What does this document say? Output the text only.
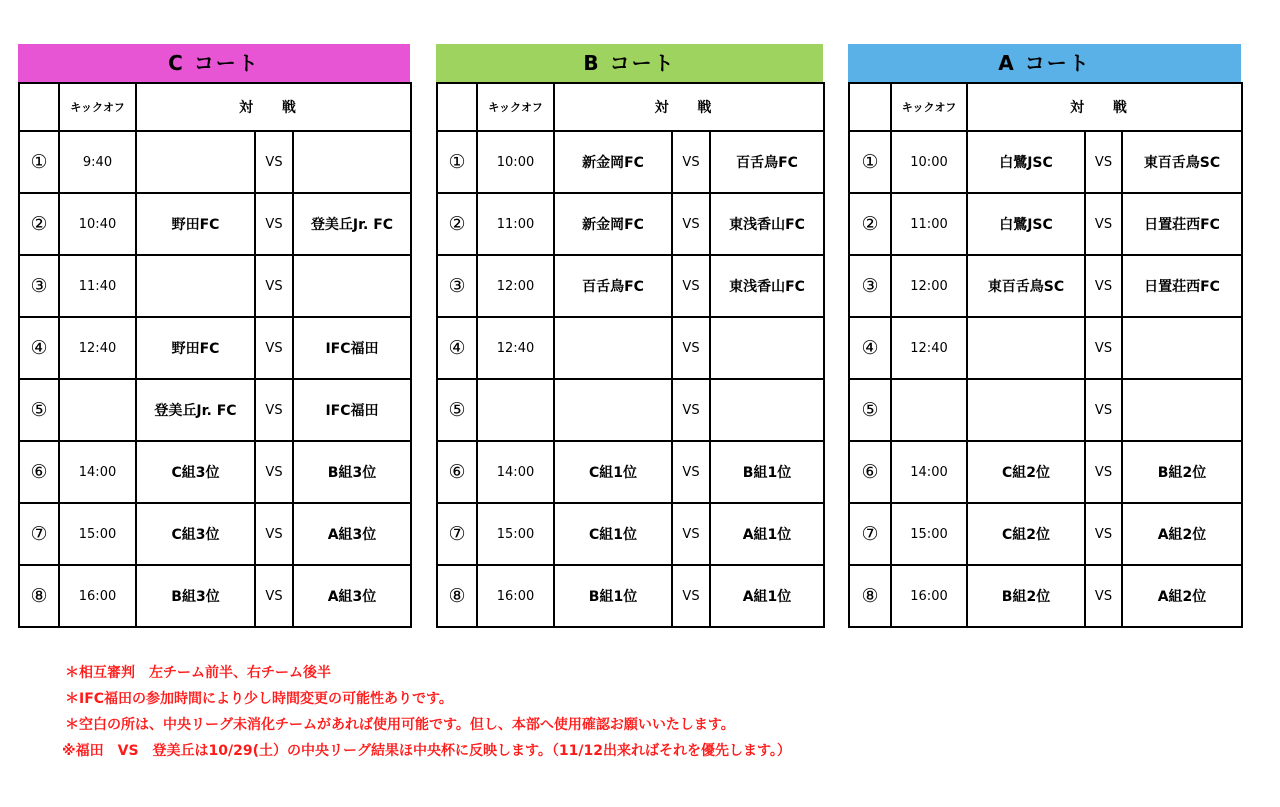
C コート
	キックオフ	対 戦		
①	9:40		VS	
②	10:40	野田FC	VS	登美丘Jr. FC
③	11:40		VS	
④	12:40	野田FC	VS	IFC福田
⑤		登美丘Jr. FC	VS	IFC福田
⑥	14:00	C組3位	VS	B組3位
⑦	15:00	C組3位	VS	A組3位
⑧	16:00	B組3位	VS	A組3位
B コート
	キックオフ	対 戦		
①	10:00	新金岡FC	VS	百舌鳥FC
②	11:00	新金岡FC	VS	東浅香山FC
③	12:00	百舌鳥FC	VS	東浅香山FC
④	12:40		VS	
⑤			VS	
⑥	14:00	C組1位	VS	B組1位
⑦	15:00	C組1位	VS	A組1位
⑧	16:00	B組1位	VS	A組1位
A コート
	キックオフ	対 戦		
①	10:00	白鷺JSC	VS	東百舌鳥SC
②	11:00	白鷺JSC	VS	日置荘西FC
③	12:00	東百舌鳥SC	VS	日置荘西FC
④	12:40		VS	
⑤			VS	
⑥	14:00	C組2位	VS	B組2位
⑦	15:00	C組2位	VS	A組2位
⑧	16:00	B組2位	VS	A組2位
＊相互審判　左チーム前半、右チーム後半
＊IFC福田の参加時間により少し時間変更の可能性ありです。
＊空白の所は、中央リーグ未消化チームがあれば使用可能です。但し、本部へ使用確認お願いいたします。
※福田　VS　登美丘は10/29(土）の中央リーグ結果ほ中央杯に反映します。（11/12出来ればそれを優先します。）
